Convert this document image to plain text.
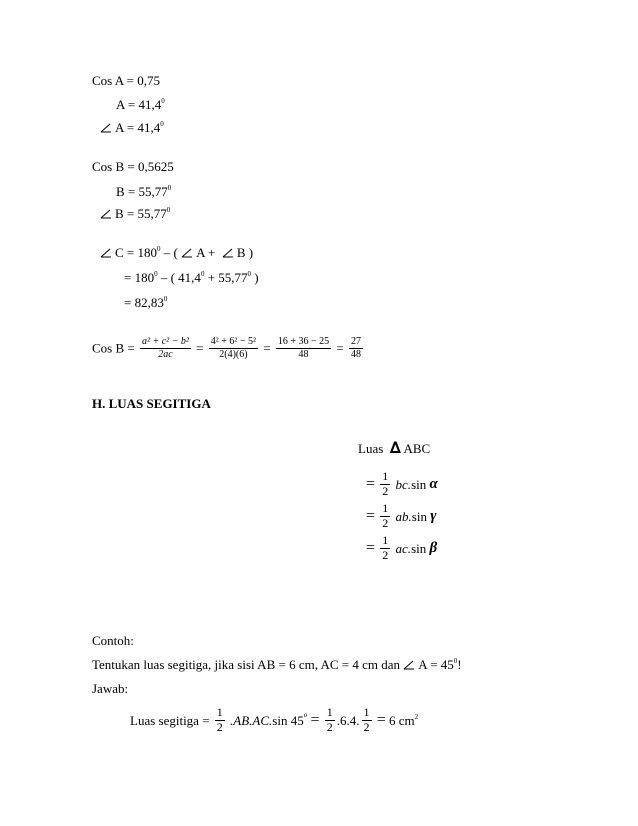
Cos A = 0,75
$A = 41,4^0$
$A = 41,4^0$
Cos B = 0,5625
$B = 55,77^0$
$B = 55,77^0$
$C = 180^0$ – (
A +
B )
= $180^0$ – ( $41,4^0 + 55,77^0$ )
= $82,83^0$
Cos $B = \frac{\text{a² + c² − b²}}{2ac} = \frac{\text{4² + 6² − 5²}}{2(4)(6)} = \frac{16 + 36 - 25}{48} = \frac{27}{48}$
H. LUAS SEGITIGA
Luas ∆ ABC
= $\frac{1}{2} bc.\sin$ α
= $\frac{1}{2} ab.\sin$ γ
= $\frac{1}{2} ac.\sin$ β
Contoh:
Tentukan luas segitiga, jika sisi AB = 6 cm, AC = 4 cm dan
$A = 45^0$!
Jawab:
Luas segitiga = $\frac{1}{2} .AB.AC.\sin$ $45^o = \frac{1}{2} .6.4$. $\frac{1}{2} = 6$ $cm^2$
